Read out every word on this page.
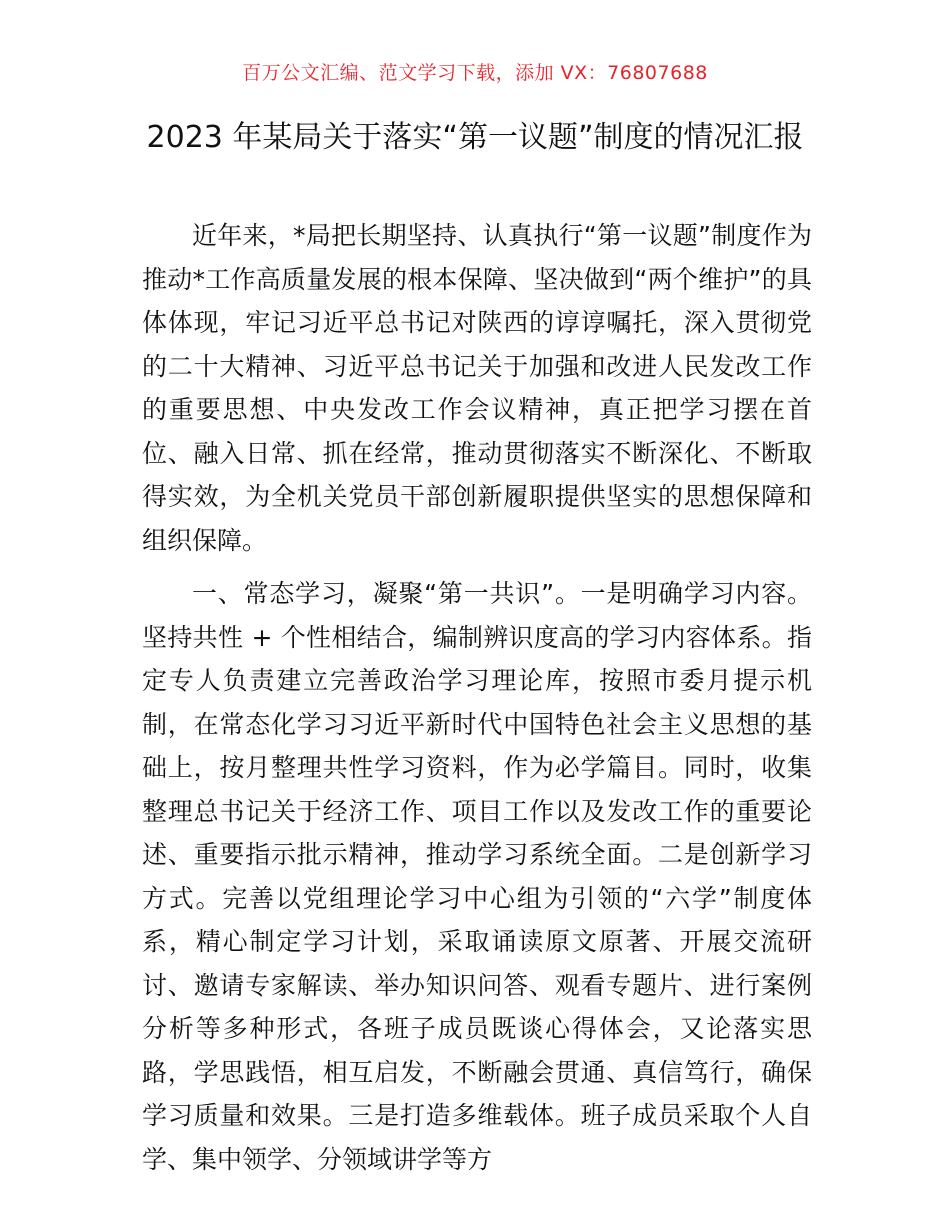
百万公文汇编、范文学习下载，添加 VX：76807688
2023 年某局关于落实“第一议题”制度的情况汇报

近年来，*局把长期坚持、认真执行“第一议题”制度作为推动*工作高质量发展的根本保障、坚决做到“两个维护”的具体体现，牢记习近平总书记对陕西的谆谆嘱托，深入贯彻党的二十大精神、习近平总书记关于加强和改进人民发改工作的重要思想、中央发改工作会议精神，真正把学习摆在首位、融入日常、抓在经常，推动贯彻落实不断深化、不断取得实效，为全机关党员干部创新履职提供坚实的思想保障和组织保障。

一、常态学习，凝聚“第一共识”。一是明确学习内容。坚持共性 + 个性相结合，编制辨识度高的学习内容体系。指定专人负责建立完善政治学习理论库，按照市委月提示机制，在常态化学习习近平新时代中国特色社会主义思想的基础上，按月整理共性学习资料，作为必学篇目。同时，收集整理总书记关于经济工作、项目工作以及发改工作的重要论述、重要指示批示精神，推动学习系统全面。二是创新学习方式。完善以党组理论学习中心组为引领的“六学”制度体系，精心制定学习计划，采取诵读原文原著、开展交流研讨、邀请专家解读、举办知识问答、观看专题片、进行案例分析等多种形式，各班子成员既谈心得体会，又论落实思路，学思践悟，相互启发，不断融会贯通、真信笃行，确保学习质量和效果。三是打造多维载体。班子成员采取个人自学、集中领学、分领域讲学等方
